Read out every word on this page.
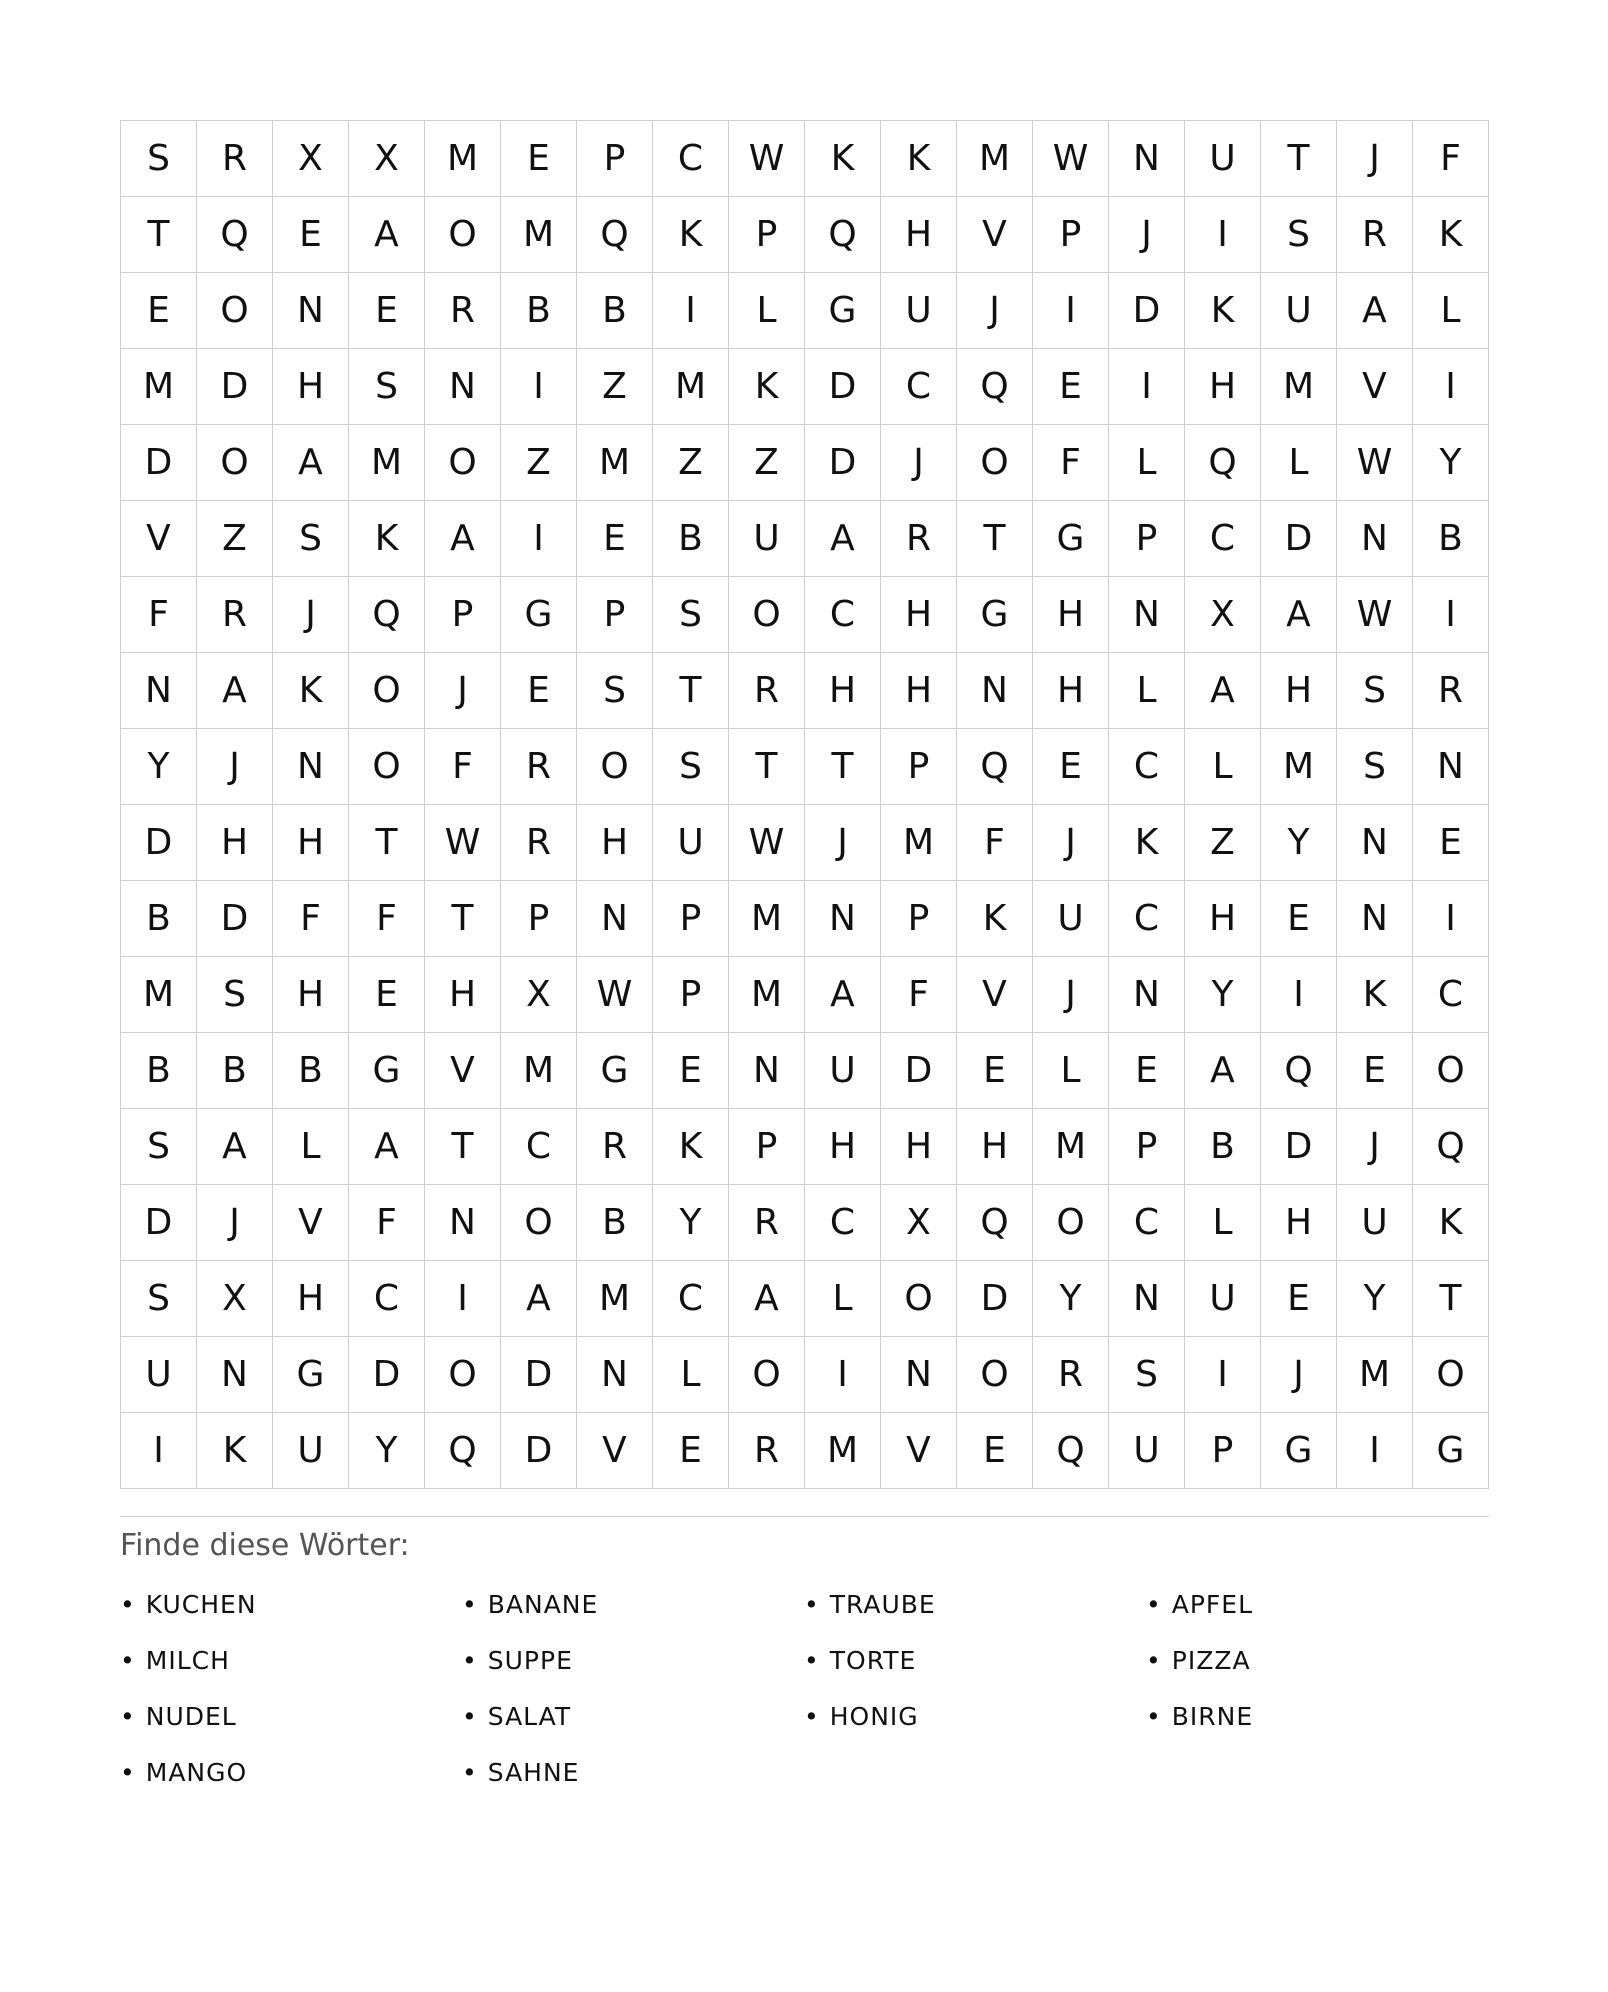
S	R	X	X	M	E	P	C	W	K	K	M	W	N	U	T	J	F
T	Q	E	A	O	M	Q	K	P	Q	H	V	P	J	I	S	R	K
E	O	N	E	R	B	B	I	L	G	U	J	I	D	K	U	A	L
M	D	H	S	N	I	Z	M	K	D	C	Q	E	I	H	M	V	I
D	O	A	M	O	Z	M	Z	Z	D	J	O	F	L	Q	L	W	Y
V	Z	S	K	A	I	E	B	U	A	R	T	G	P	C	D	N	B
F	R	J	Q	P	G	P	S	O	C	H	G	H	N	X	A	W	I
N	A	K	O	J	E	S	T	R	H	H	N	H	L	A	H	S	R
Y	J	N	O	F	R	O	S	T	T	P	Q	E	C	L	M	S	N
D	H	H	T	W	R	H	U	W	J	M	F	J	K	Z	Y	N	E
B	D	F	F	T	P	N	P	M	N	P	K	U	C	H	E	N	I
M	S	H	E	H	X	W	P	M	A	F	V	J	N	Y	I	K	C
B	B	B	G	V	M	G	E	N	U	D	E	L	E	A	Q	E	O
S	A	L	A	T	C	R	K	P	H	H	H	M	P	B	D	J	Q
D	J	V	F	N	O	B	Y	R	C	X	Q	O	C	L	H	U	K
S	X	H	C	I	A	M	C	A	L	O	D	Y	N	U	E	Y	T
U	N	G	D	O	D	N	L	O	I	N	O	R	S	I	J	M	O
I	K	U	Y	Q	D	V	E	R	M	V	E	Q	U	P	G	I	G
Finde diese Wörter:
• KUCHEN	• BANANE	• TRAUBE	• APFEL
• MILCH	• SUPPE	• TORTE	• PIZZA
• NUDEL	• SALAT	• HONIG	• BIRNE
• MANGO	• SAHNE
